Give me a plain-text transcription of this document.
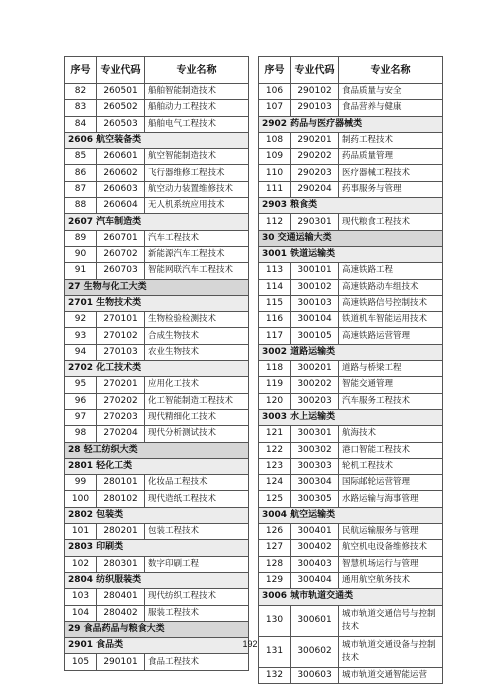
序号	专业代码	专业名称
82	260501	船舶智能制造技术
83	260502	船舶动力工程技术
84	260503	船舶电气工程技术
2606 航空装备类		
85	260601	航空智能制造技术
86	260602	飞行器维修工程技术
87	260603	航空动力装置维修技术
88	260604	无人机系统应用技术
2607 汽车制造类		
89	260701	汽车工程技术
90	260702	新能源汽车工程技术
91	260703	智能网联汽车工程技术
27 生物与化工大类		
2701 生物技术类		
92	270101	生物检验检测技术
93	270102	合成生物技术
94	270103	农业生物技术
2702 化工技术类		
95	270201	应用化工技术
96	270202	化工智能制造工程技术
97	270203	现代精细化工技术
98	270204	现代分析测试技术
28 轻工纺织大类		
2801 轻化工类		
99	280101	化妆品工程技术
100	280102	现代造纸工程技术
2802 包装类		
101	280201	包装工程技术
2803 印刷类		
102	280301	数字印刷工程
2804 纺织服装类		
103	280401	现代纺织工程技术
104	280402	服装工程技术
29 食品药品与粮食大类		
2901 食品类		
105	290101	食品工程技术
序号	专业代码	专业名称
106	290102	食品质量与安全
107	290103	食品营养与健康
2902 药品与医疗器械类		
108	290201	制药工程技术
109	290202	药品质量管理
110	290203	医疗器械工程技术
111	290204	药事服务与管理
2903 粮食类		
112	290301	现代粮食工程技术
30 交通运输大类		
3001 铁道运输类		
113	300101	高速铁路工程
114	300102	高速铁路动车组技术
115	300103	高速铁路信号控制技术
116	300104	铁道机车智能运用技术
117	300105	高速铁路运营管理
3002 道路运输类		
118	300201	道路与桥梁工程
119	300202	智能交通管理
120	300203	汽车服务工程技术
3003 水上运输类		
121	300301	航海技术
122	300302	港口智能工程技术
123	300303	轮机工程技术
124	300304	国际邮轮运营管理
125	300305	水路运输与海事管理
3004 航空运输类		
126	300401	民航运输服务与管理
127	300402	航空机电设备维修技术
128	300403	智慧机场运行与管理
129	300404	通用航空航务技术
3006 城市轨道交通类		
130	300601	城市轨道交通信号与控制技术
131	300602	城市轨道交通设备与控制技术
132	300603	城市轨道交通智能运营
192
